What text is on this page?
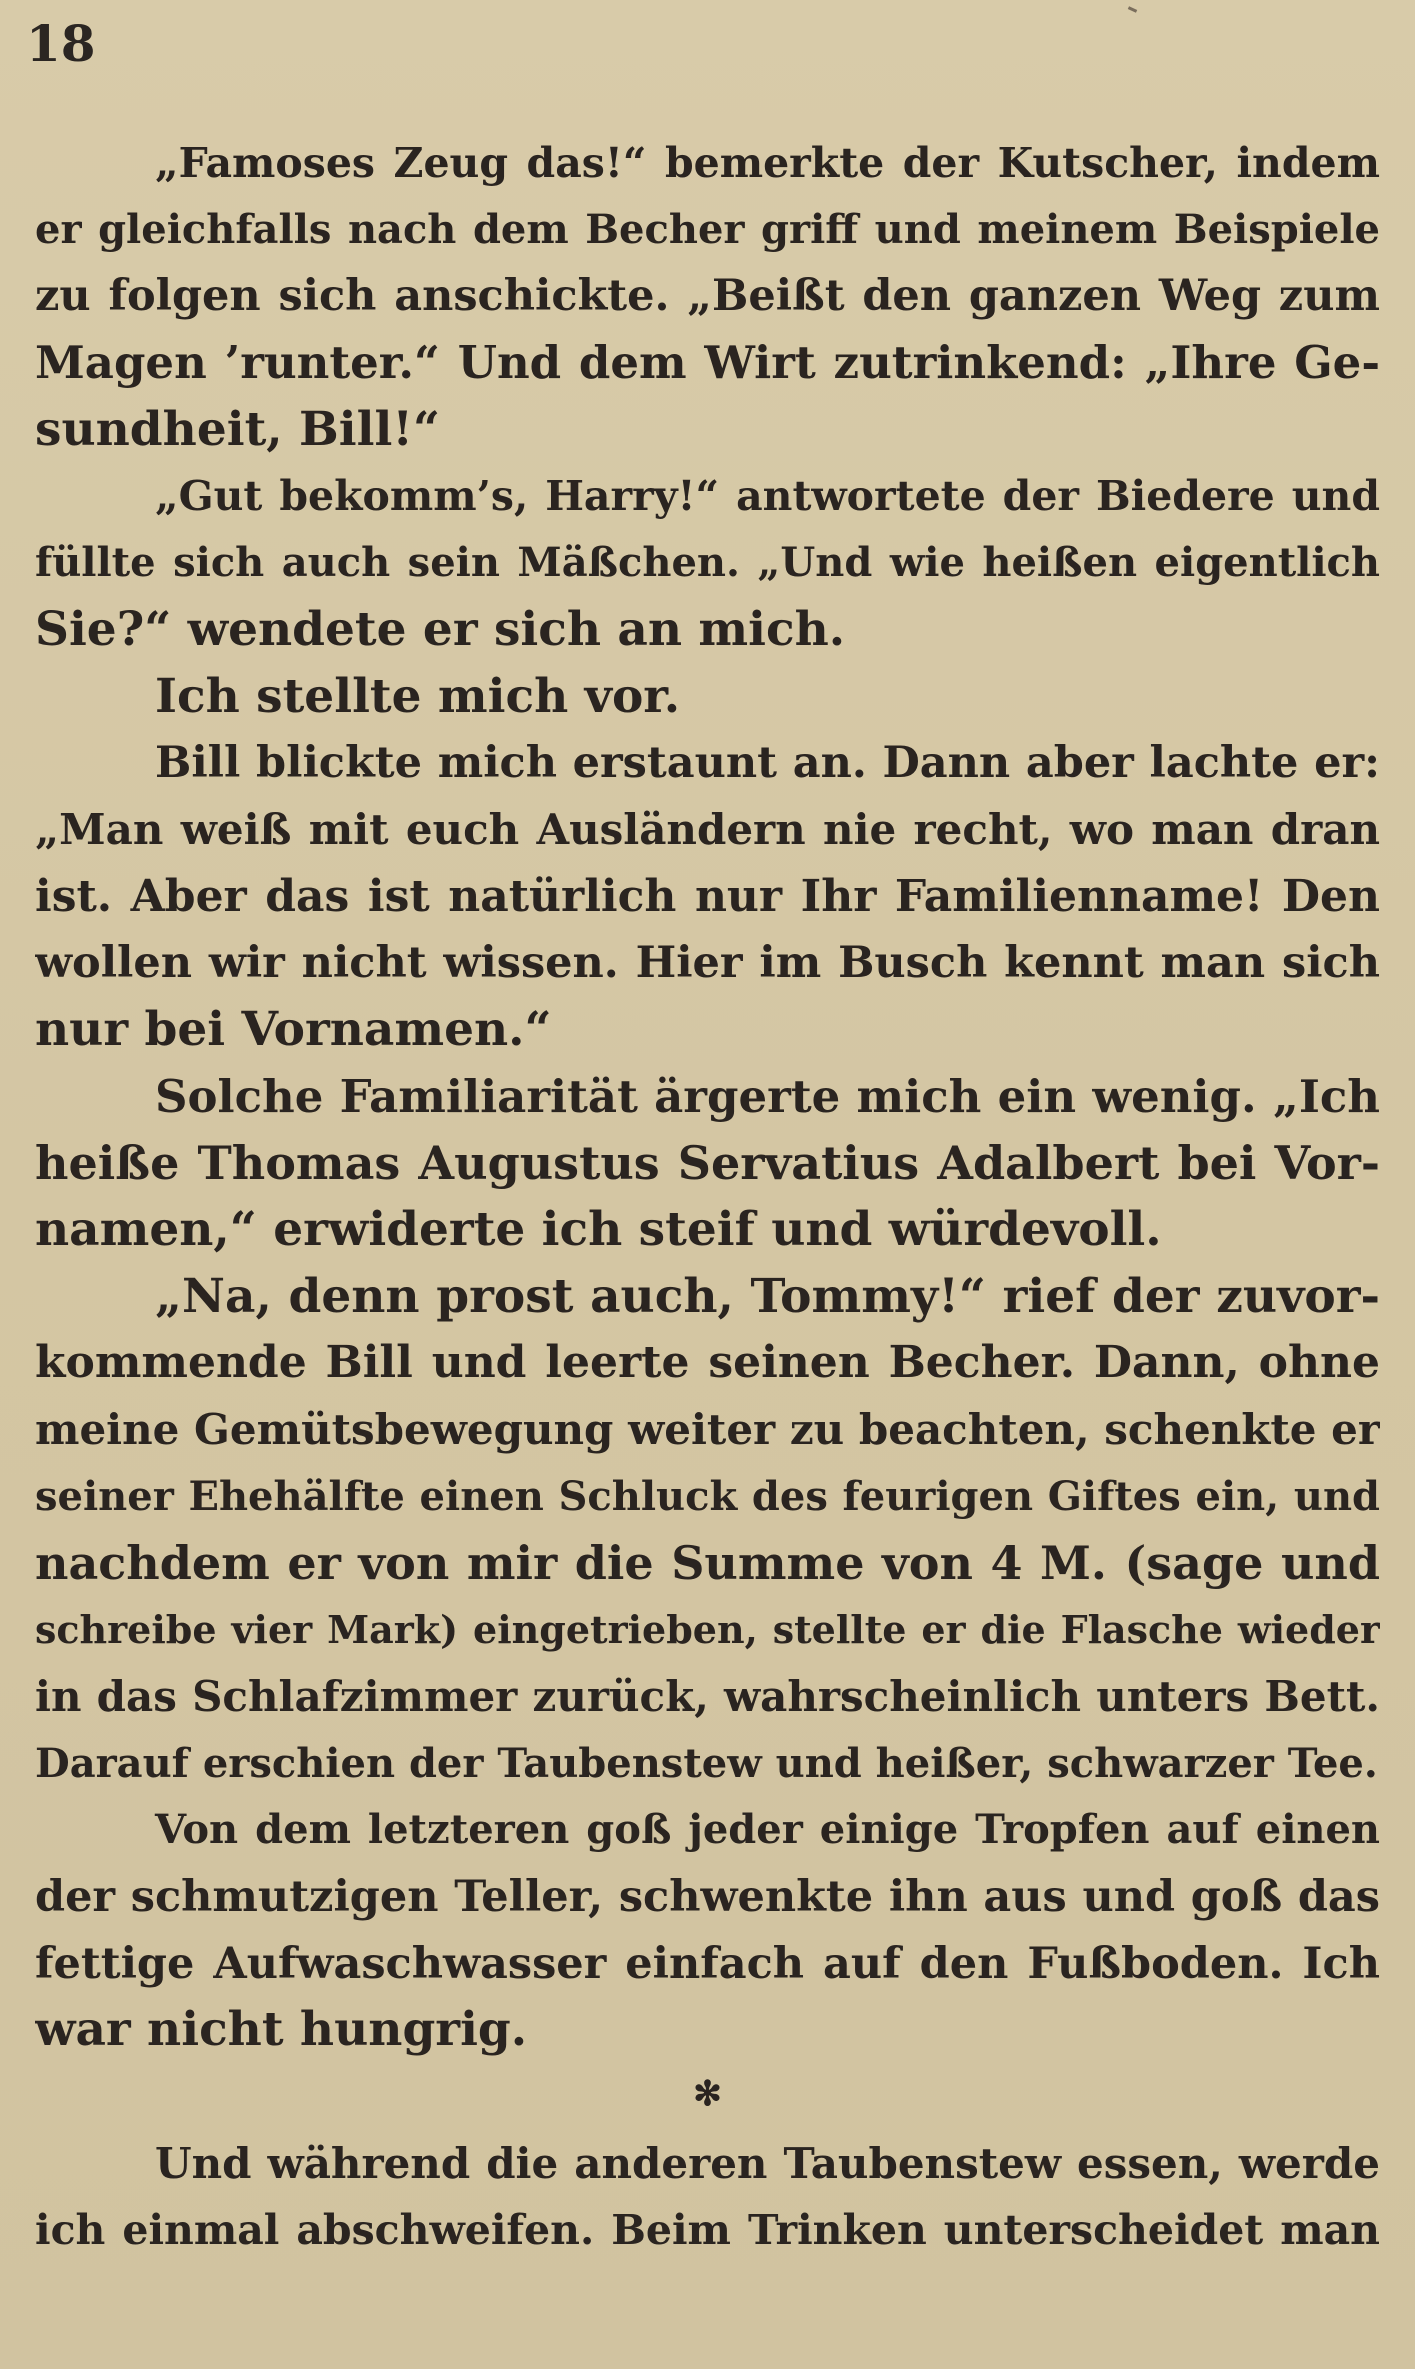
18
„Famoses Zeug das!“ bemerkte der Kutscher, indem
er gleichfalls nach dem Becher griff und meinem Beispiele
zu folgen sich anschickte. „Beißt den ganzen Weg zum
Magen ’runter.“ Und dem Wirt zutrinkend: „Ihre Ge-
sundheit, Bill!“
„Gut bekomm’s, Harry!“ antwortete der Biedere und
füllte sich auch sein Mäßchen. „Und wie heißen eigentlich
Sie?“ wendete er sich an mich.
Ich stellte mich vor.
Bill blickte mich erstaunt an. Dann aber lachte er:
„Man weiß mit euch Ausländern nie recht, wo man dran
ist. Aber das ist natürlich nur Ihr Familienname! Den
wollen wir nicht wissen. Hier im Busch kennt man sich
nur bei Vornamen.“
Solche Familiarität ärgerte mich ein wenig. „Ich
heiße Thomas Augustus Servatius Adalbert bei Vor-
namen,“ erwiderte ich steif und würdevoll.
„Na, denn prost auch, Tommy!“ rief der zuvor-
kommende Bill und leerte seinen Becher. Dann, ohne
meine Gemütsbewegung weiter zu beachten, schenkte er
seiner Ehehälfte einen Schluck des feurigen Giftes ein, und
nachdem er von mir die Summe von 4 M. (sage und
schreibe vier Mark) eingetrieben, stellte er die Flasche wieder
in das Schlafzimmer zurück, wahrscheinlich unters Bett.
Darauf erschien der Taubenstew und heißer, schwarzer Tee.
Von dem letzteren goß jeder einige Tropfen auf einen
der schmutzigen Teller, schwenkte ihn aus und goß das
fettige Aufwaschwasser einfach auf den Fußboden. Ich
war nicht hungrig.
✻
Und während die anderen Taubenstew essen, werde
ich einmal abschweifen. Beim Trinken unterscheidet man
